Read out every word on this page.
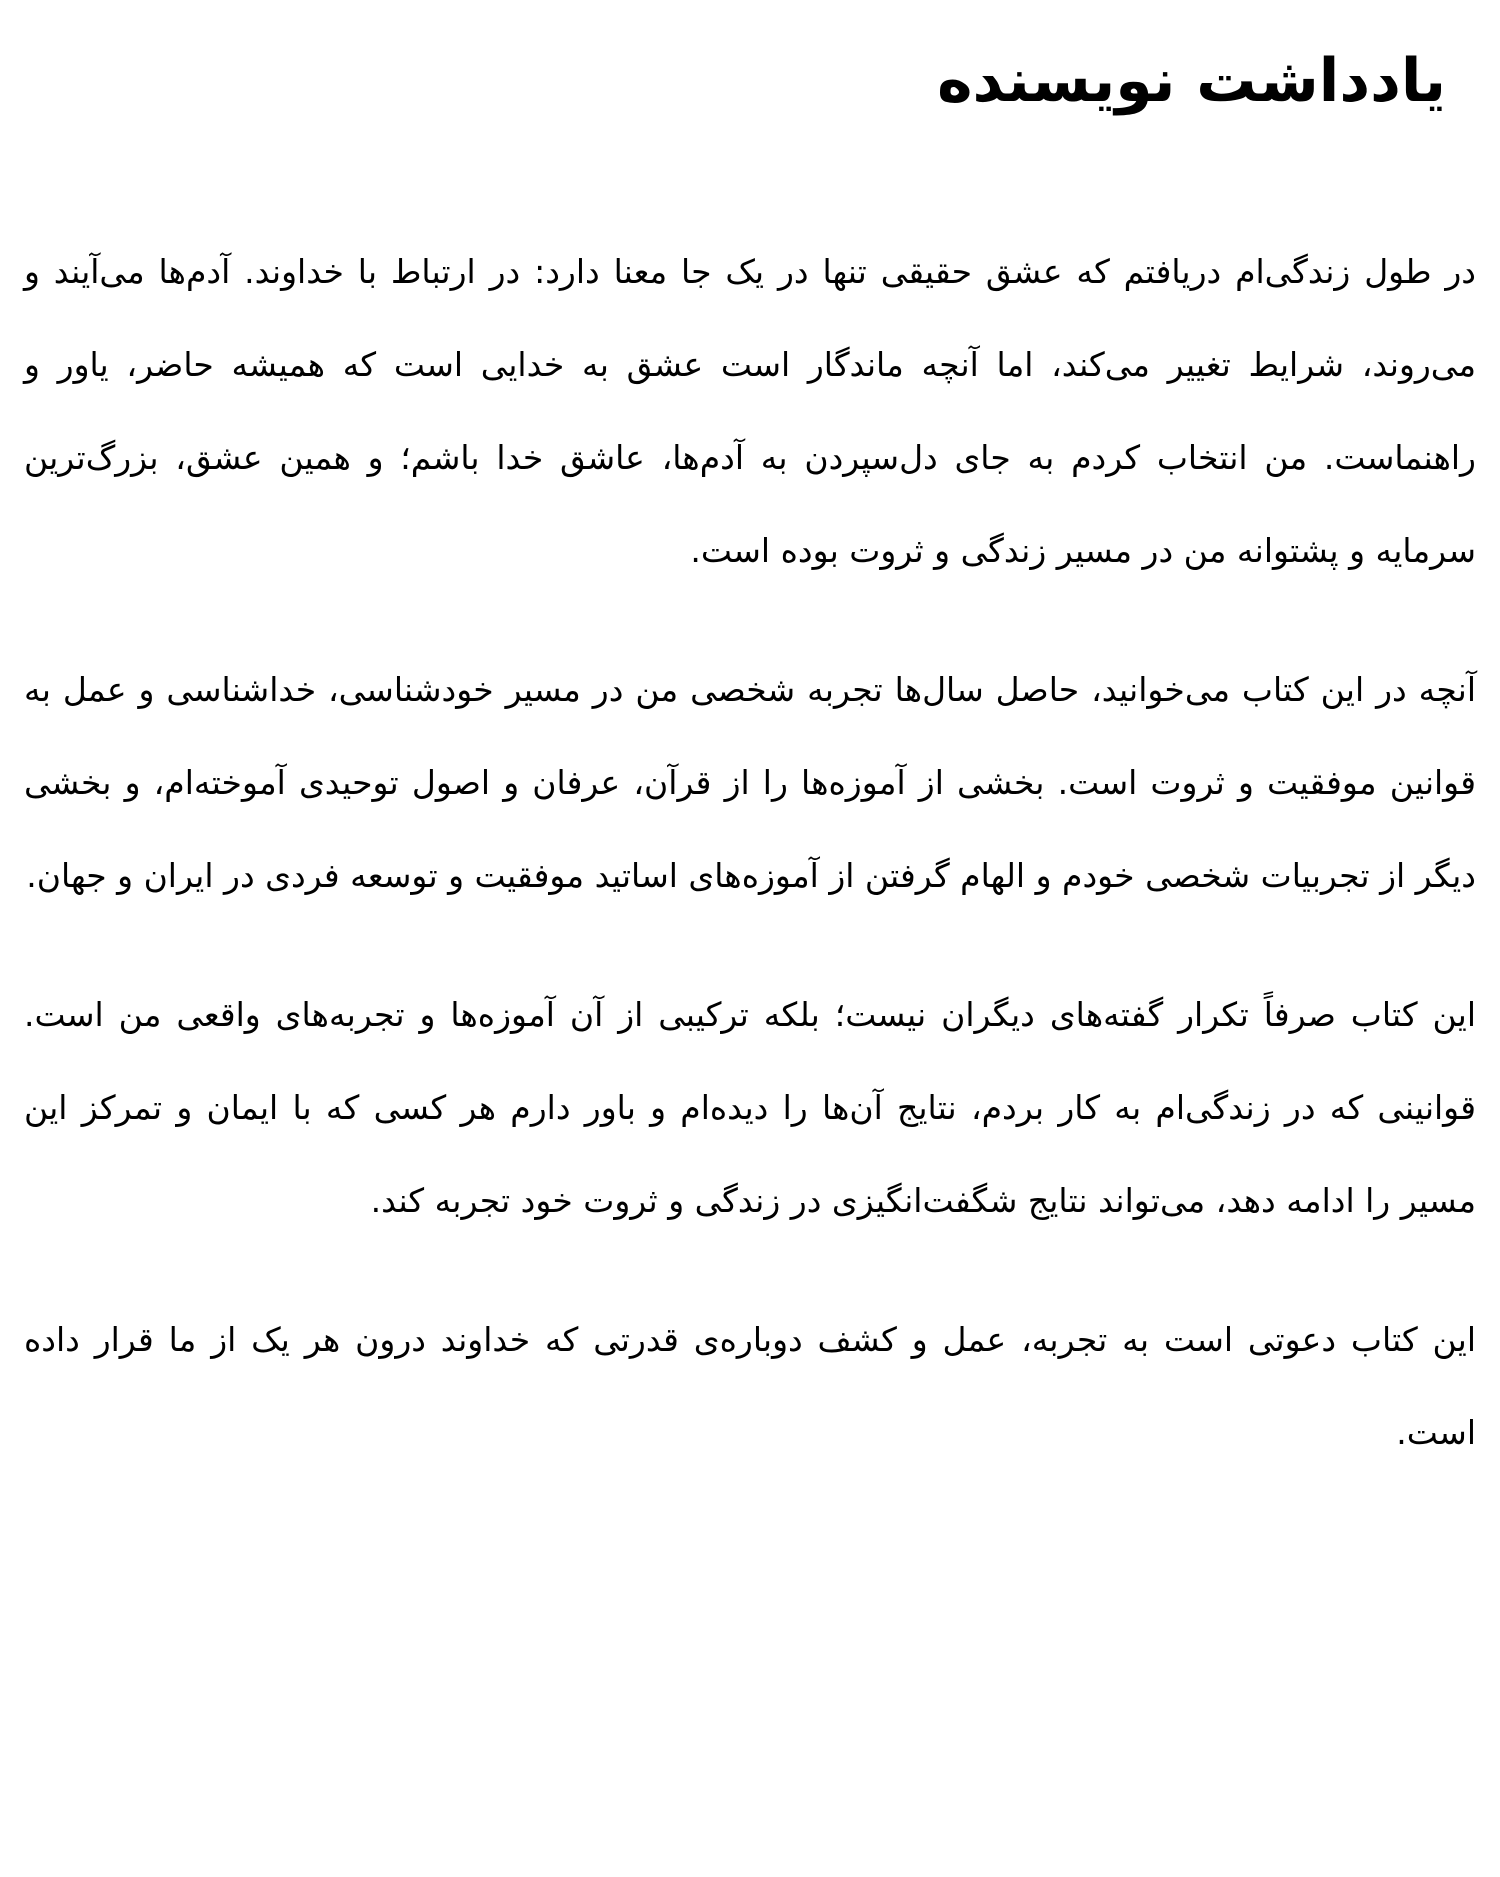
یادداشت نویسنده

در طول زندگی‌ام دریافتم که عشق حقیقی تنها در یک جا معنا دارد: در ارتباط با خداوند. آدم‌ها می‌آیند و می‌روند، شرایط تغییر می‌کند، اما آنچه ماندگار است عشق به خدایی است که همیشه حاضر، یاور و راهنماست. من انتخاب کردم به جای دل‌سپردن به آدم‌ها، عاشق خدا باشم؛ و همین عشق، بزرگ‌ترین سرمایه و پشتوانه من در مسیر زندگی و ثروت بوده است.

آنچه در این کتاب می‌خوانید، حاصل سال‌ها تجربه شخصی من در مسیر خودشناسی، خداشناسی و عمل به قوانین موفقیت و ثروت است. بخشی از آموزه‌ها را از قرآن، عرفان و اصول توحیدی آموخته‌ام، و بخشی دیگر از تجربیات شخصی خودم و الهام گرفتن از آموزه‌های اساتید موفقیت و توسعه فردی در ایران و جهان.

این کتاب صرفاً تکرار گفته‌های دیگران نیست؛ بلکه ترکیبی از آن آموزه‌ها و تجربه‌های واقعی من است. قوانینی که در زندگی‌ام به کار بردم، نتایج آن‌ها را دیده‌ام و باور دارم هر کسی که با ایمان و تمرکز این مسیر را ادامه دهد، می‌تواند نتایج شگفت‌انگیزی در زندگی و ثروت خود تجربه کند.

این کتاب دعوتی است به تجربه، عمل و کشف دوباره‌ی قدرتی که خداوند درون هر یک از ما قرار داده است.
